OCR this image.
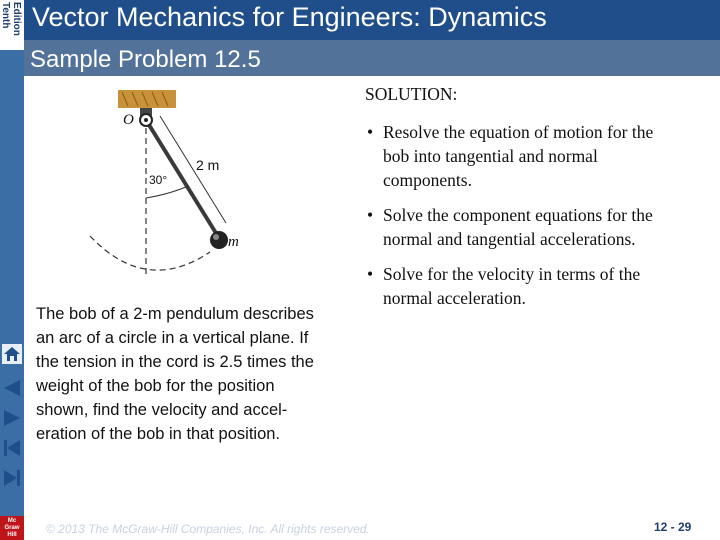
Tenth Edition
Mc
Graw
Hill
Vector Mechanics for Engineers: Dynamics
Sample Problem 12.5
O
30°
2 m
m
The bob of a 2-m pendulum describes
an arc of a circle in a vertical plane. If
the tension in the cord is 2.5 times the
weight of the bob for the position
shown, find the velocity and accel-
eration of the bob in that position.
SOLUTION:
• Resolve the equation of motion for the
bob into tangential and normal
components.
• Solve the component equations for the
normal and tangential accelerations.
• Solve for the velocity in terms of the
normal acceleration.
© 2013 The McGraw-Hill Companies, Inc. All rights reserved.	12 - 29
